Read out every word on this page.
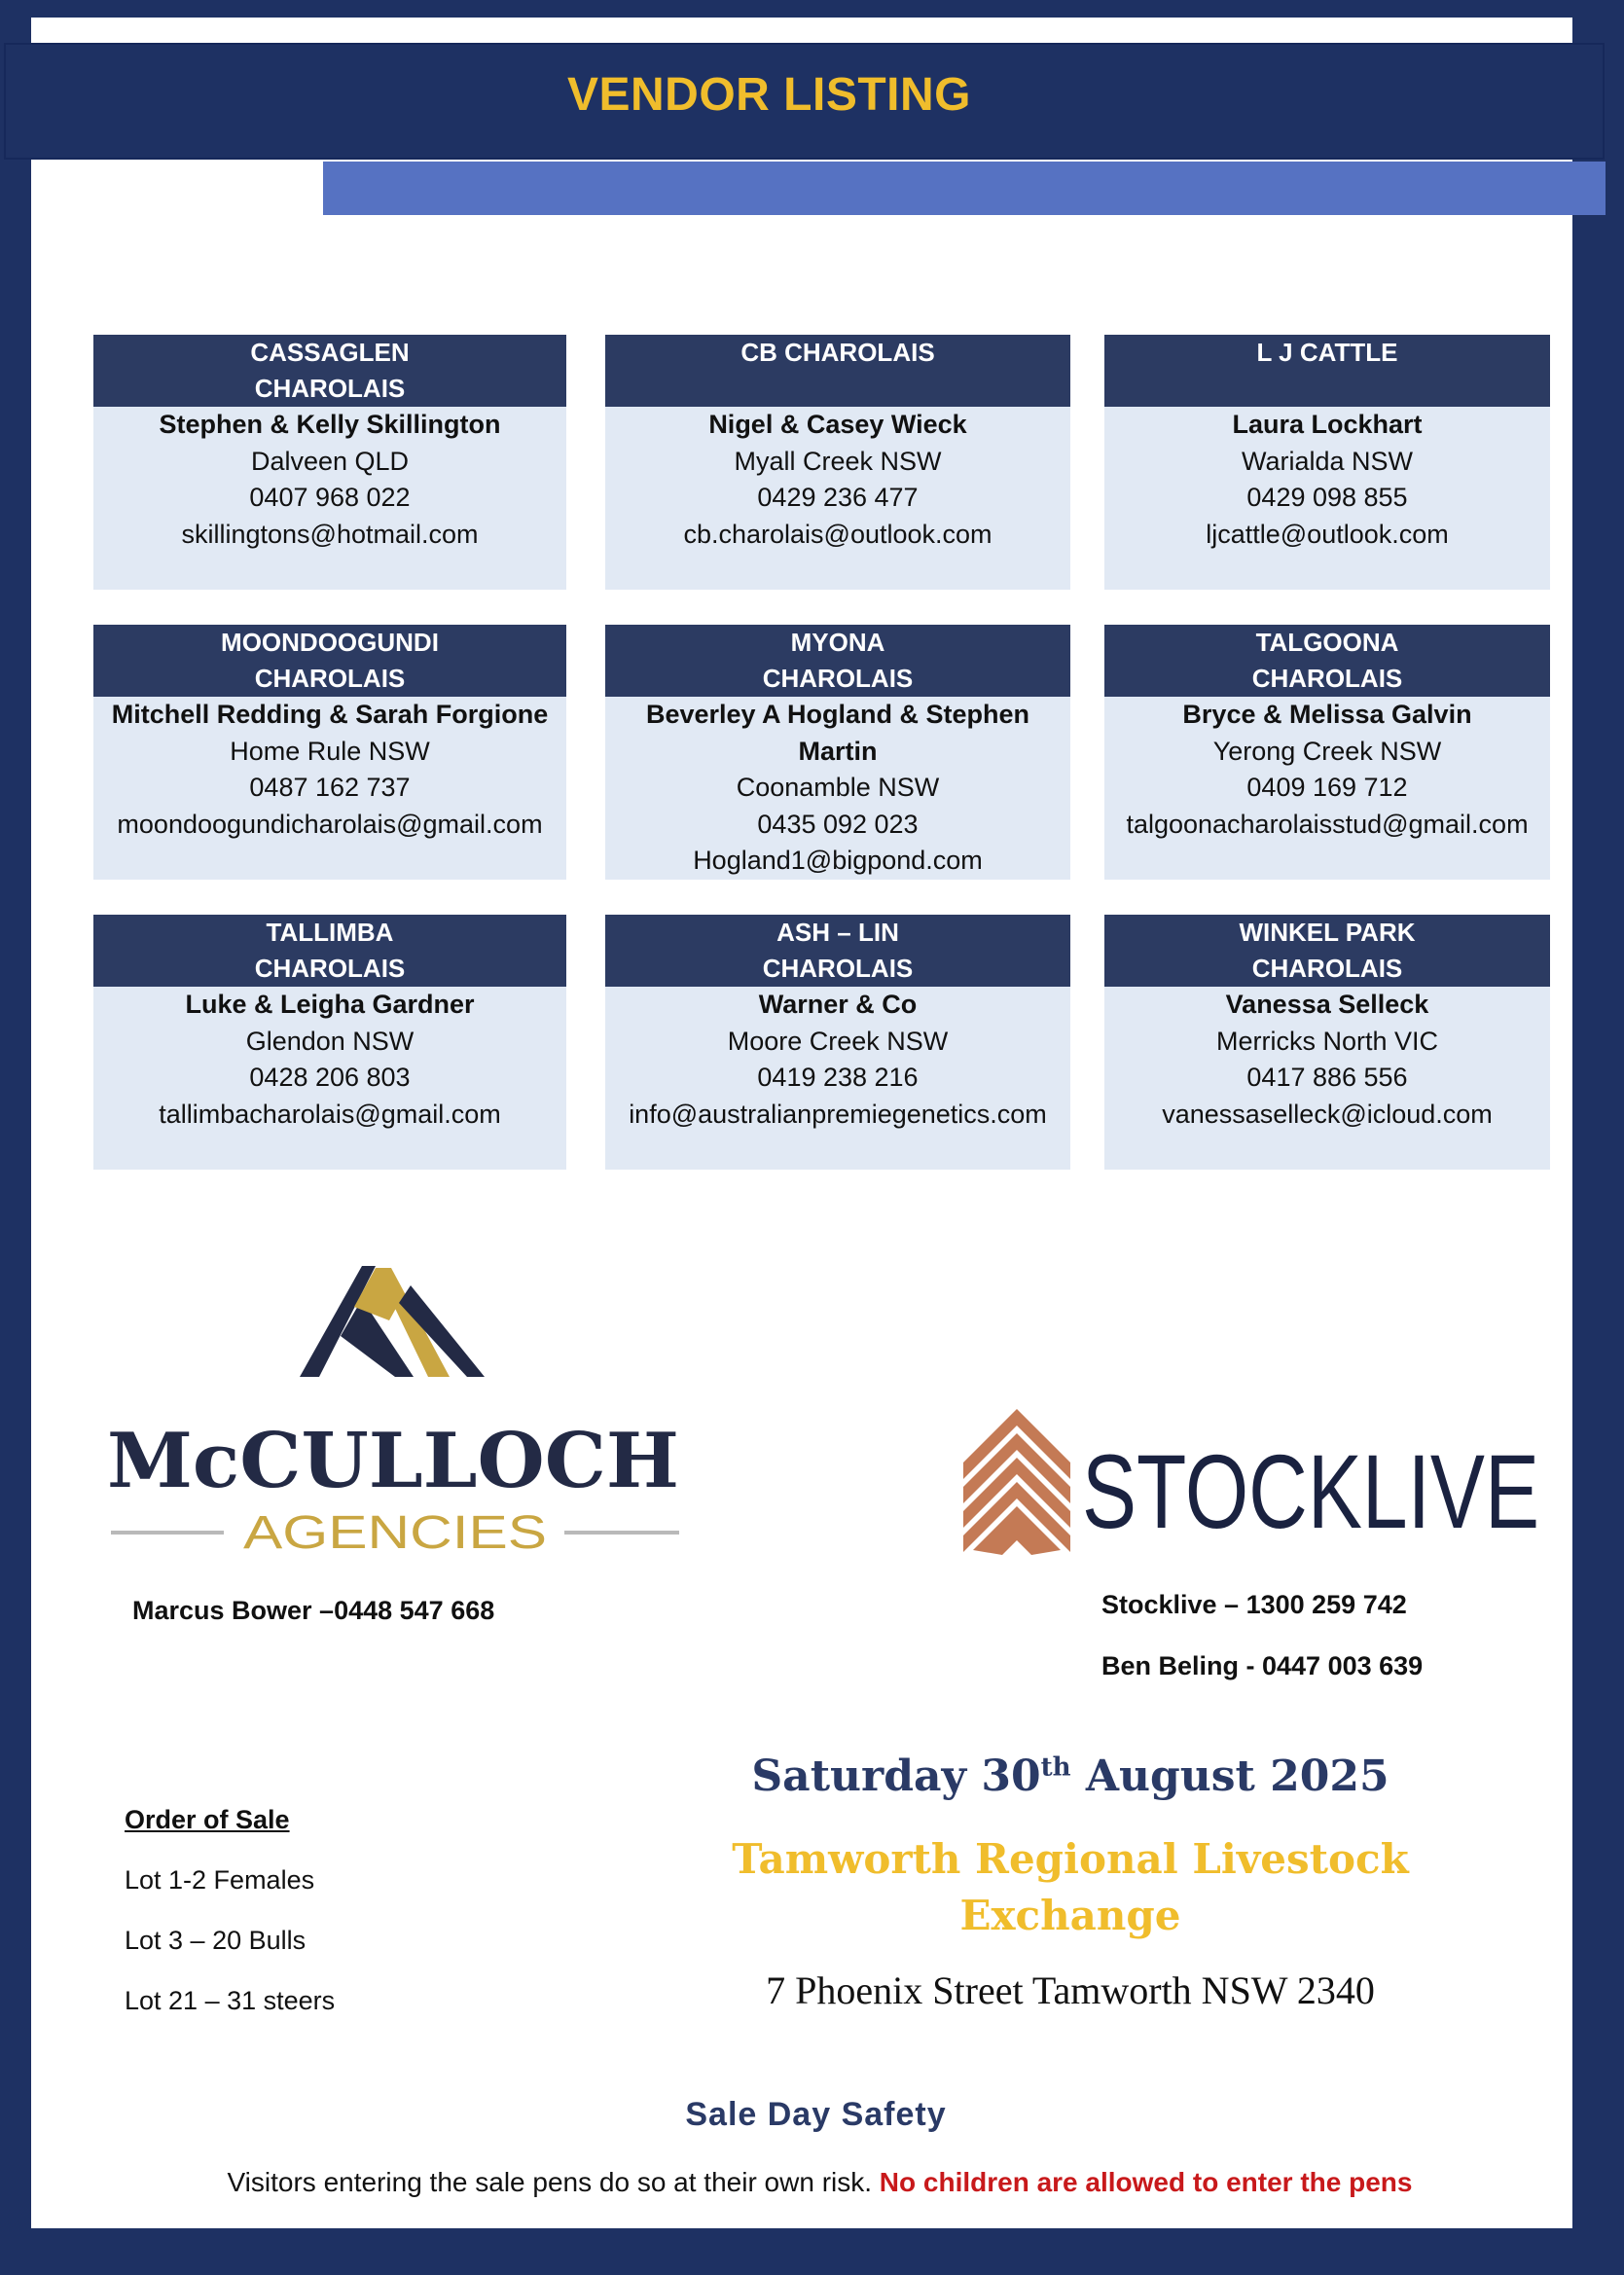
VENDOR LISTING
CASSAGLEN
CHAROLAIS
Stephen & Kelly Skillington
Dalveen QLD
0407 968 022
skillingtons@hotmail.com
CB CHAROLAIS
Nigel & Casey Wieck
Myall Creek NSW
0429 236 477
cb.charolais@outlook.com
L J CATTLE
Laura Lockhart
Warialda NSW
0429 098 855
ljcattle@outlook.com
MOONDOOGUNDI
CHAROLAIS
Mitchell Redding & Sarah Forgione
Home Rule NSW
0487 162 737
moondoogundicharolais@gmail.com
MYONA
CHAROLAIS
Beverley A Hogland & Stephen Martin
Coonamble NSW
0435 092 023
Hogland1@bigpond.com
TALGOONA
CHAROLAIS
Bryce & Melissa Galvin
Yerong Creek NSW
0409 169 712
talgoonacharolaisstud@gmail.com
TALLIMBA
CHAROLAIS
Luke & Leigha Gardner
Glendon NSW
0428 206 803
tallimbacharolais@gmail.com
ASH – LIN
CHAROLAIS
Warner & Co
Moore Creek NSW
0419 238 216
info@australianpremiegenetics.com
WINKEL PARK
CHAROLAIS
Vanessa Selleck
Merricks North VIC
0417 886 556
vanessaselleck@icloud.com
McCULLOCH
AGENCIES
Marcus Bower –0448 547 668
STOCKLIVE
Stocklive – 1300 259 742
Ben Beling - 0447 003 639
Order of Sale
Lot 1-2 Females
Lot 3 – 20 Bulls
Lot 21 – 31 steers
Saturday 30th August 2025
Tamworth Regional Livestock
Exchange
7 Phoenix Street Tamworth NSW 2340
Sale Day Safety
Visitors entering the sale pens do so at their own risk. No children are allowed to enter the pens
